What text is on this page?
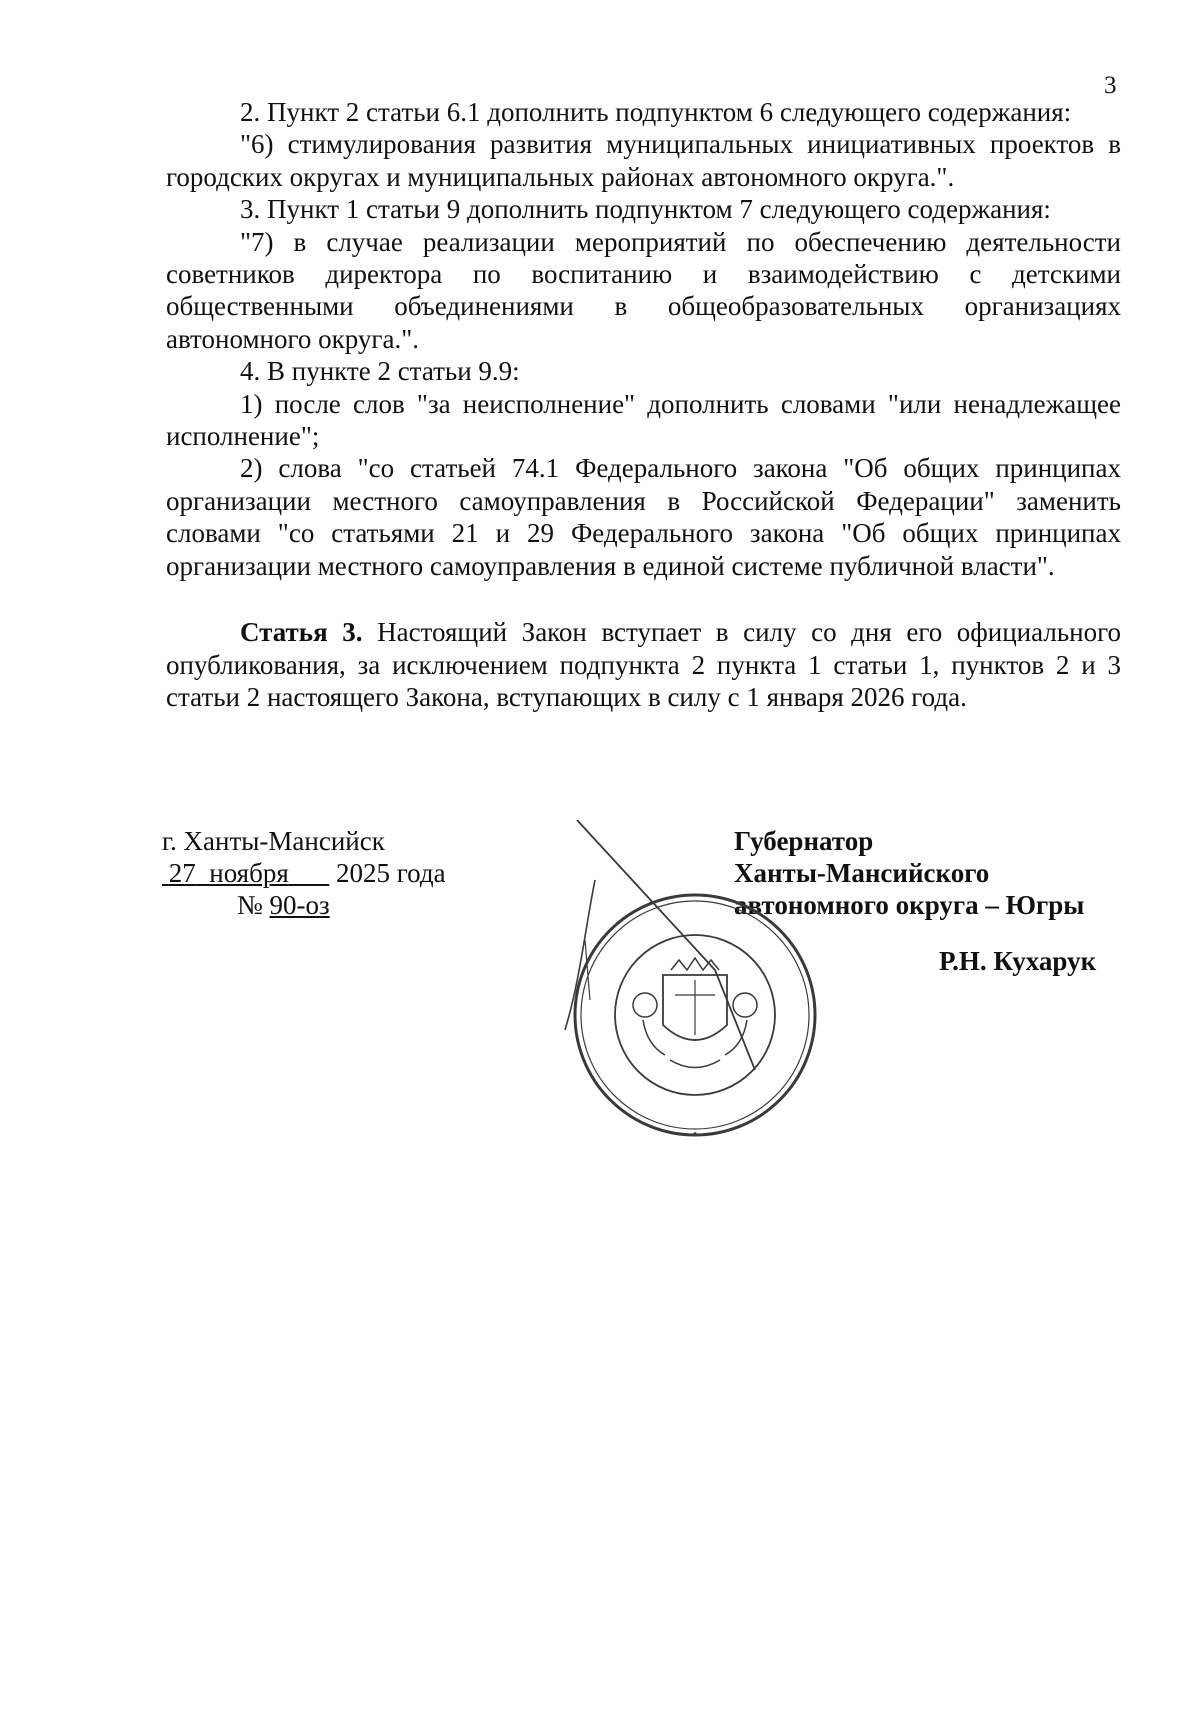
3

2. Пункт 2 статьи 6.1 дополнить подпунктом 6 следующего содержания:

"6) стимулирования развития муниципальных инициативных проектов в городских округах и муниципальных районах автономного округа.".

3. Пункт 1 статьи 9 дополнить подпунктом 7 следующего содержания:

"7) в случае реализации мероприятий по обеспечению деятельности советников директора по воспитанию и взаимодействию с детскими общественными объединениями в общеобразовательных организациях автономного округа.".

4. В пункте 2 статьи 9.9:

1) после слов "за неисполнение" дополнить словами "или ненадлежащее исполнение";

2) слова "со статьей 74.1 Федерального закона "Об общих принципах организации местного самоуправления в Российской Федерации" заменить словами "со статьями 21 и 29 Федерального закона "Об общих принципах организации местного самоуправления в единой системе публичной власти".

Статья 3. Настоящий Закон вступает в силу со дня его официального опубликования, за исключением подпункта 2 пункта 1 статьи 1, пунктов 2 и 3 статьи 2 настоящего Закона, вступающих в силу с 1 января 2026 года.

г. Ханты-Мансийск
27 ноября 2025 года
№ 90-оз
Губернатор
Ханты-Мансийского
автономного округа – Югры
Р.Н. Кухарук
